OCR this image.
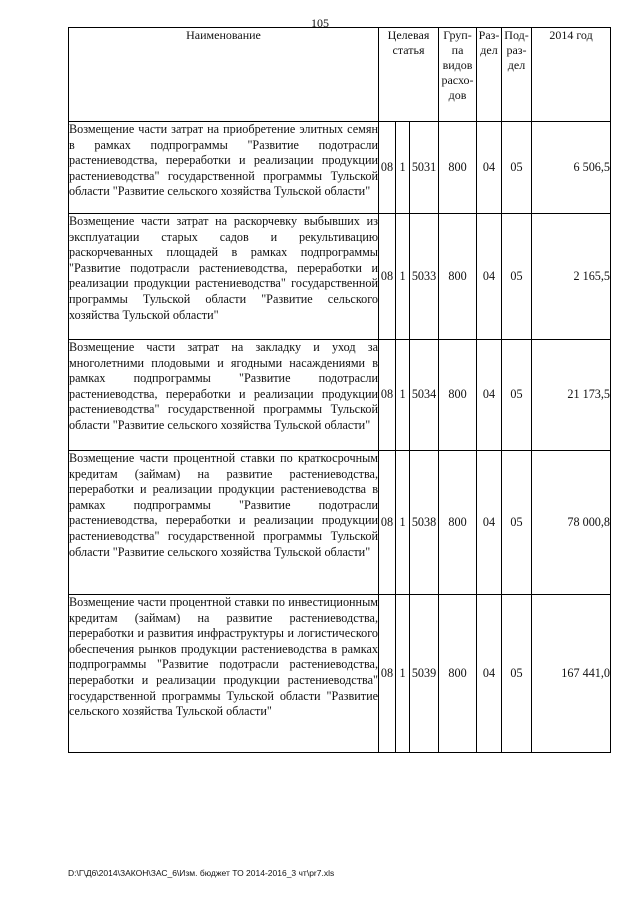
105
Наименование	Целевая статья			Груп-па видов расхо-дов	Раз-дел	Под-раз-дел	2014 год
Возмещение части затрат на приобретение элитных семян в рамках подпрограммы "Развитие подотрасли растениеводства, переработки и реализации продукции растениеводства" государственной программы Тульской области "Развитие сельского хозяйства Тульской области"	08	1	5031	800	04	05	6 506,5
Возмещение части затрат на раскорчевку выбывших из эксплуатации старых садов и рекультивацию раскорчеванных площадей в рамках подпрограммы "Развитие подотрасли растениеводства, переработки и реализации продукции растениеводства" государственной программы Тульской области "Развитие сельского хозяйства Тульской области"	08	1	5033	800	04	05	2 165,5
Возмещение части затрат на закладку и уход за многолетними плодовыми и ягодными насаждениями в рамках подпрограммы "Развитие подотрасли растениеводства, переработки и реализации продукции растениеводства" государственной программы Тульской области "Развитие сельского хозяйства Тульской области"	08	1	5034	800	04	05	21 173,5
Возмещение части процентной ставки по краткосрочным кредитам (займам) на развитие растениеводства, переработки и реализации продукции растениеводства в рамках подпрограммы "Развитие подотрасли растениеводства, переработки и реализации продукции растениеводства" государственной программы Тульской области "Развитие сельского хозяйства Тульской области"	08	1	5038	800	04	05	78 000,8
Возмещение части процентной ставки по инвестиционным кредитам (займам) на развитие растениеводства, переработки и развития инфраструктуры и логистического обеспечения рынков продукции растениеводства в рамках подпрограммы "Развитие подотрасли растениеводства, переработки и реализации продукции растениеводства" государственной программы Тульской области "Развитие сельского хозяйства Тульской области"	08	1	5039	800	04	05	167 441,0
D:\Г\Д6\2014\ЗАКОН\ЗАС_6\Изм. бюджет ТО 2014-2016_3 чт\pr7.xls
